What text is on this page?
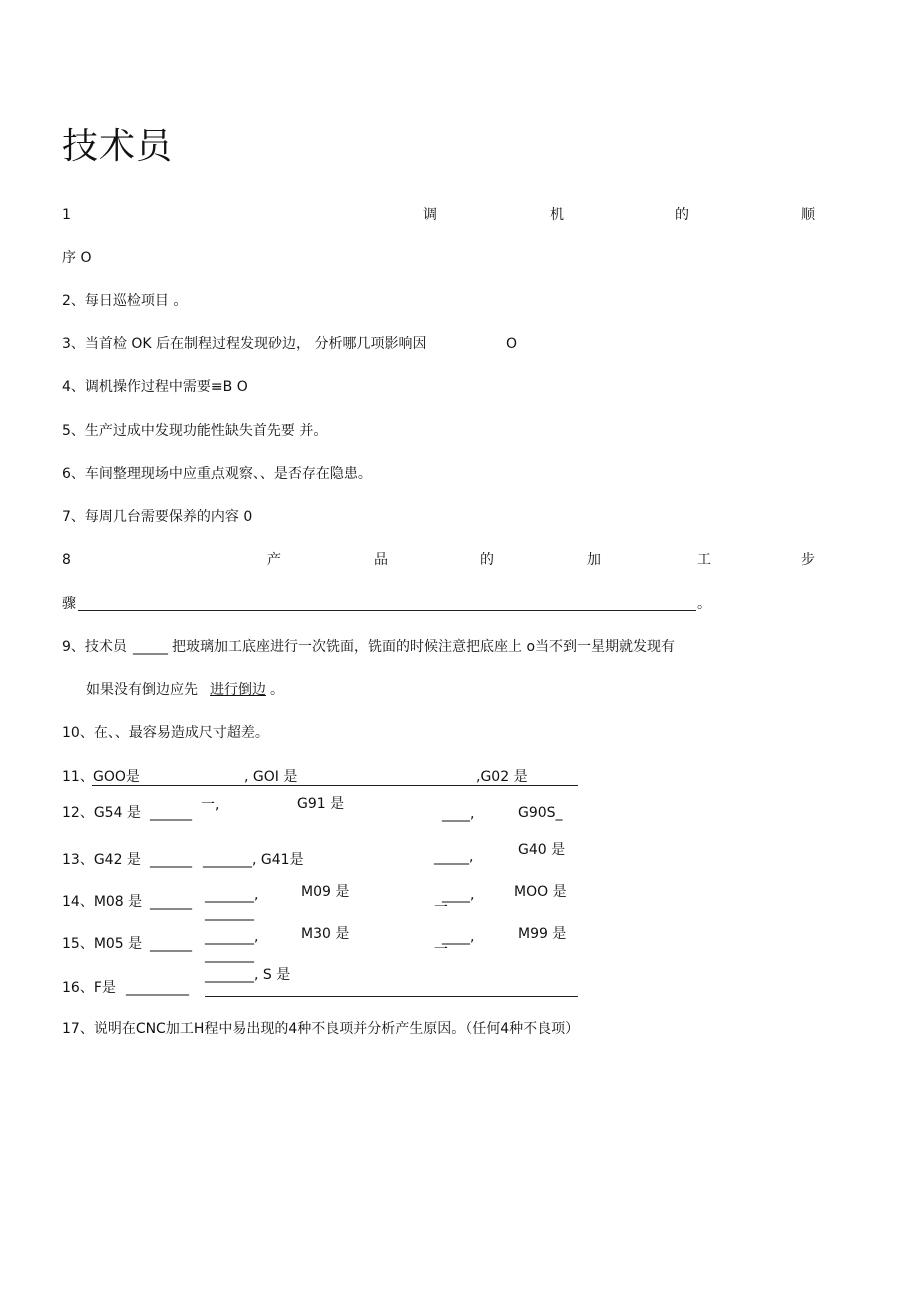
技术员
1	调	机	的	顺
序 O
2、每日巡检项目 。
3、当首检 OK 后在制程过程发现砂边， 分析哪几项影响因	O
4、调机操作过程中需要≡B O
5、生产过成中发现功能性缺失首先要 并。
6、车间整理现场中应重点观察、、是否存在隐患。
7、每周几台需要保养的内容 0
8	产	品	的	加	工	步
骤	。
9、技术员 _____ 把玻璃加工底座进行一次铣面，铣面的时候注意把底座上 o当不到一星期就发现有
如果没有倒边应先 进行倒边 。
10、在、、最容易造成尺寸超差。
11、 GOO是	, GOI 是	,G02 是
12、G54 是 ______ 一,	G91 是
____,	G90S_
13、G42 是 ______ _______, G41是	_____,	G40 是
14、M08 是 ______ _______,	M09 是	____,	MOO 是
_______	一
15、M05 是 ______ _______,	M30 是	____,	M99 是
_______	一
16、F是 _________
_______, S 是
17、说明在CNC加工H程中易出现的4种不良项并分析产生原因。（任何4种不良项）
